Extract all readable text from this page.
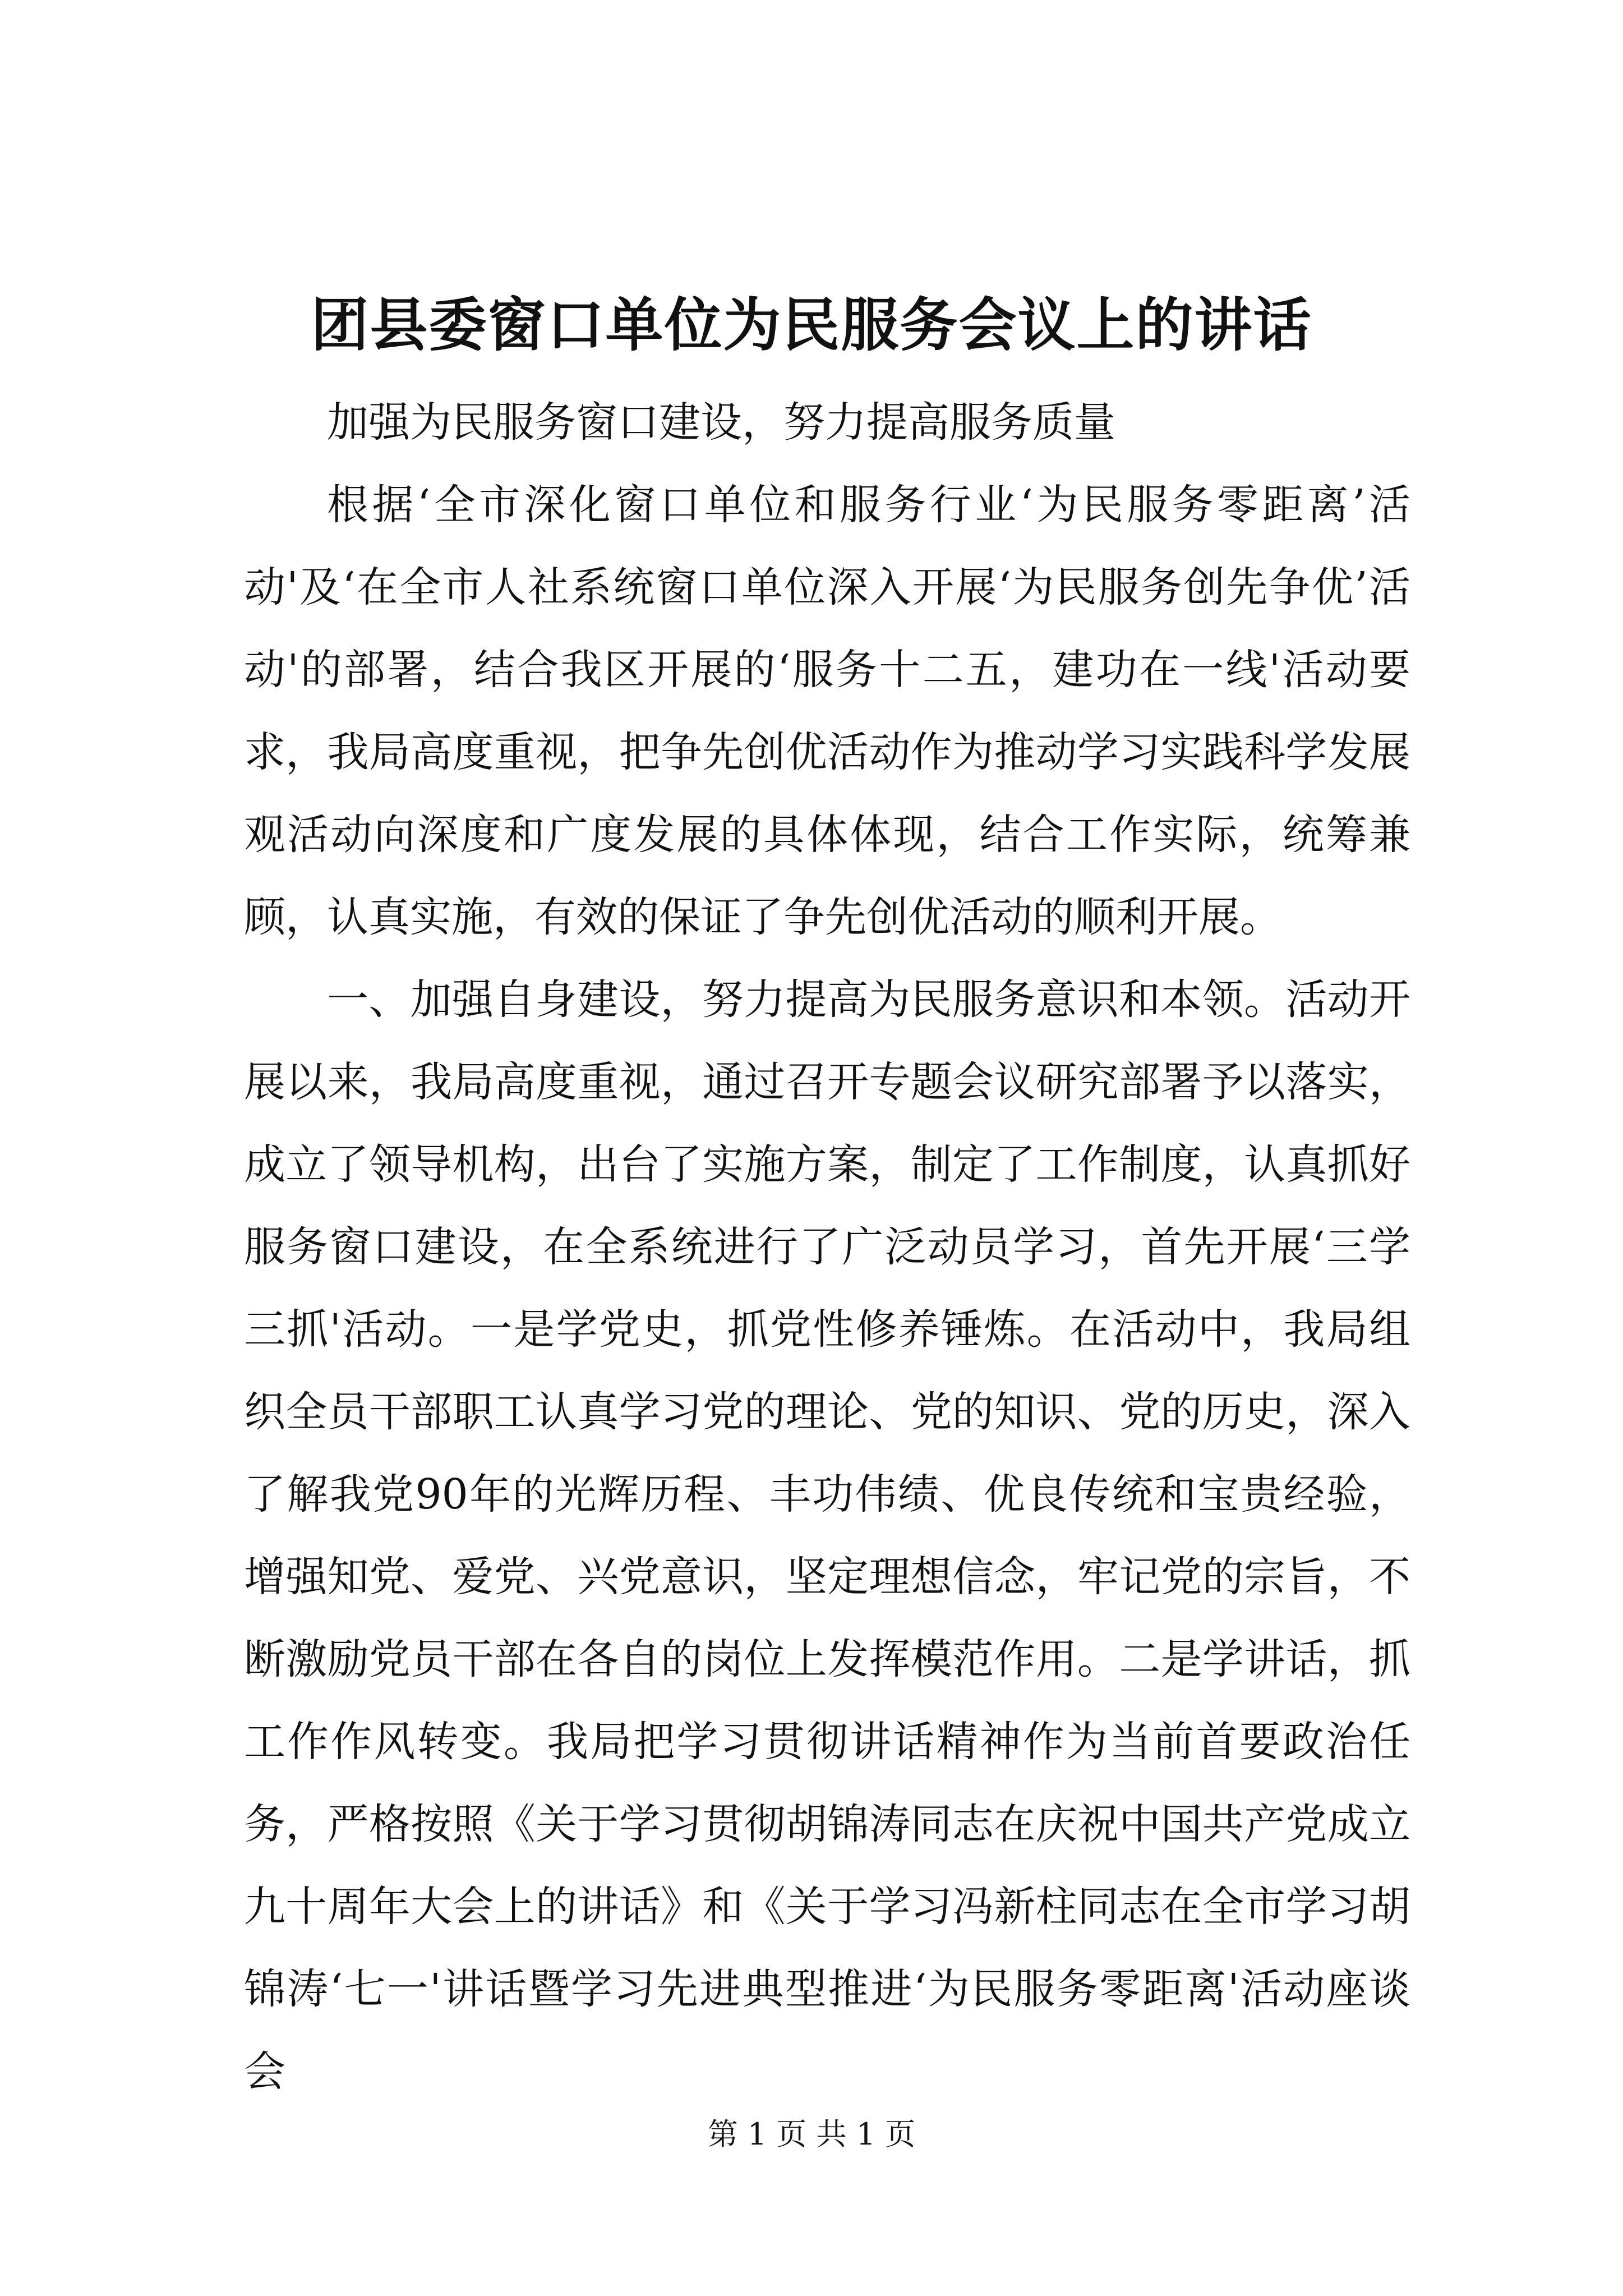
团县委窗口单位为民服务会议上的讲话

加强为民服务窗口建设，努力提高服务质量

根据‘全市深化窗口单位和服务行业‘为民服务零距离’活动'及‘在全市人社系统窗口单位深入开展‘为民服务创先争优’活动'的部署，结合我区开展的‘服务十二五，建功在一线'活动要求，我局高度重视，把争先创优活动作为推动学习实践科学发展观活动向深度和广度发展的具体体现，结合工作实际，统筹兼顾，认真实施，有效的保证了争先创优活动的顺利开展。

一、加强自身建设，努力提高为民服务意识和本领。活动开展以来，我局高度重视，通过召开专题会议研究部署予以落实，成立了领导机构，出台了实施方案，制定了工作制度，认真抓好服务窗口建设，在全系统进行了广泛动员学习，首先开展‘三学三抓'活动。一是学党史，抓党性修养锤炼。在活动中，我局组织全员干部职工认真学习党的理论、党的知识、党的历史，深入了解我党90年的光辉历程、丰功伟绩、优良传统和宝贵经验，增强知党、爱党、兴党意识，坚定理想信念，牢记党的宗旨，不断激励党员干部在各自的岗位上发挥模范作用。二是学讲话，抓工作作风转变。我局把学习贯彻讲话精神作为当前首要政治任务，严格按照《关于学习贯彻胡锦涛同志在庆祝中国共产党成立九十周年大会上的讲话》和《关于学习冯新柱同志在全市学习胡锦涛‘七一'讲话暨学习先进典型推进‘为民服务零距离'活动座谈会

第 1 页 共 1 页
